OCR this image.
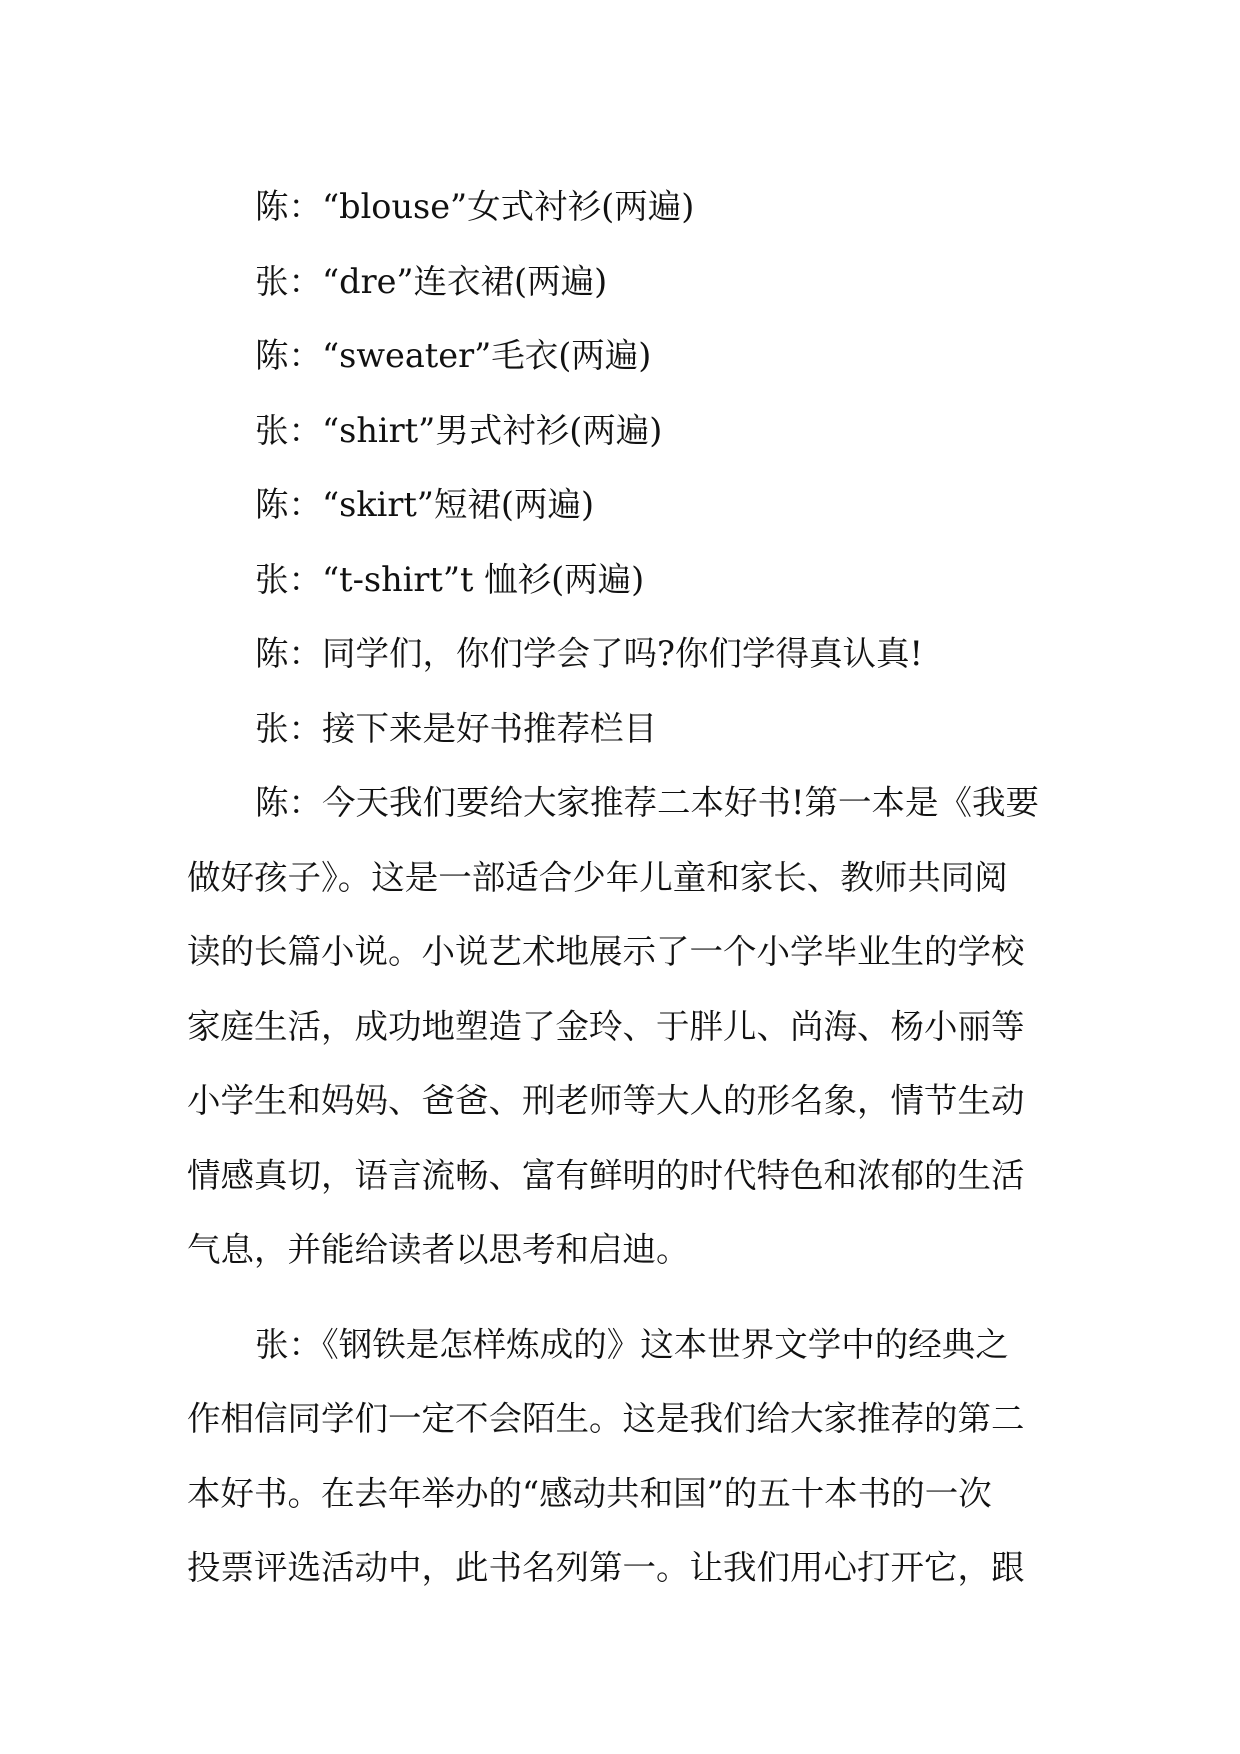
陈：“blouse”女式衬衫(两遍)
张：“dre”连衣裙(两遍)
陈：“sweater”毛衣(两遍)
张：“shirt”男式衬衫(两遍)
陈：“skirt”短裙(两遍)
张：“t-shirt”t 恤衫(两遍)
陈：同学们，你们学会了吗?你们学得真认真!
张：接下来是好书推荐栏目
陈：今天我们要给大家推荐二本好书!第一本是《我要
做好孩子》。这是一部适合少年儿童和家长、教师共同阅
读的长篇小说。小说艺术地展示了一个小学毕业生的学校
家庭生活，成功地塑造了金玲、于胖儿、尚海、杨小丽等
小学生和妈妈、爸爸、刑老师等大人的形名象，情节生动
情感真切，语言流畅、富有鲜明的时代特色和浓郁的生活
气息，并能给读者以思考和启迪。
张：《钢铁是怎样炼成的》这本世界文学中的经典之
作相信同学们一定不会陌生。这是我们给大家推荐的第二
本好书。在去年举办的“感动共和国”的五十本书的一次
投票评选活动中，此书名列第一。让我们用心打开它，跟
